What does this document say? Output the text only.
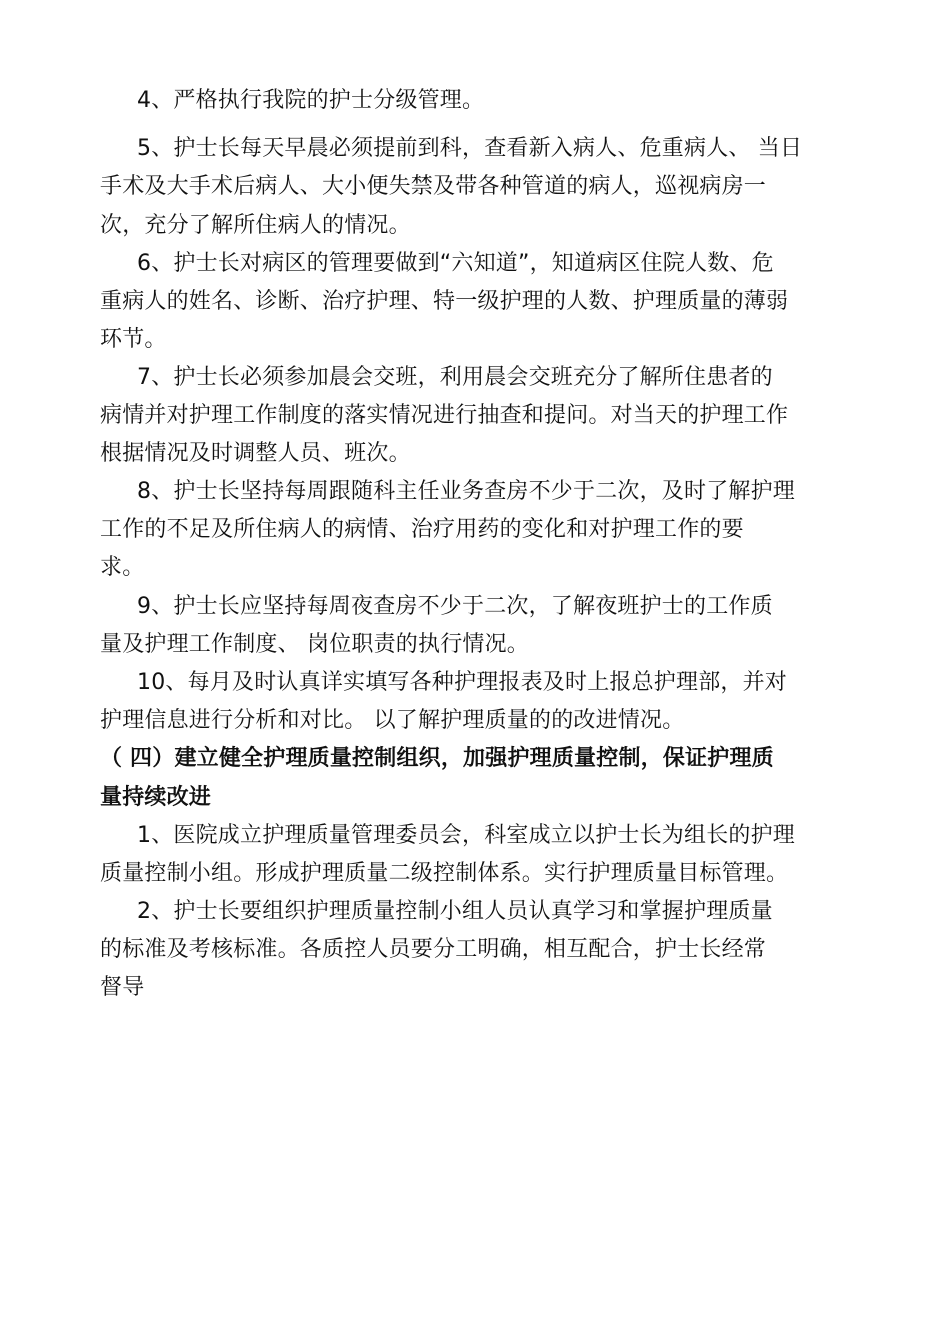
4、严格执行我院的护士分级管理。
5、护士长每天早晨必须提前到科，查看新入病人、危重病人、 当日
手术及大手术后病人、大小便失禁及带各种管道的病人，巡视病房一
次，充分了解所住病人的情况。
6、护士长对病区的管理要做到“六知道”，知道病区住院人数、危
重病人的姓名、诊断、治疗护理、特一级护理的人数、护理质量的薄弱
环节。
7、护士长必须参加晨会交班，利用晨会交班充分了解所住患者的
病情并对护理工作制度的落实情况进行抽查和提问。对当天的护理工作
根据情况及时调整人员、班次。
8、护士长坚持每周跟随科主任业务查房不少于二次，及时了解护理
工作的不足及所住病人的病情、治疗用药的变化和对护理工作的要
求。
9、护士长应坚持每周夜查房不少于二次，了解夜班护士的工作质
量及护理工作制度、 岗位职责的执行情况。
10、每月及时认真详实填写各种护理报表及时上报总护理部，并对
护理信息进行分析和对比。 以了解护理质量的的改进情况。
（ 四）建立健全护理质量控制组织，加强护理质量控制，保证护理质
量持续改进
1、医院成立护理质量管理委员会，科室成立以护士长为组长的护理
质量控制小组。形成护理质量二级控制体系。实行护理质量目标管理。
2、护士长要组织护理质量控制小组人员认真学习和掌握护理质量
的标准及考核标准。各质控人员要分工明确，相互配合，护士长经常
督导
